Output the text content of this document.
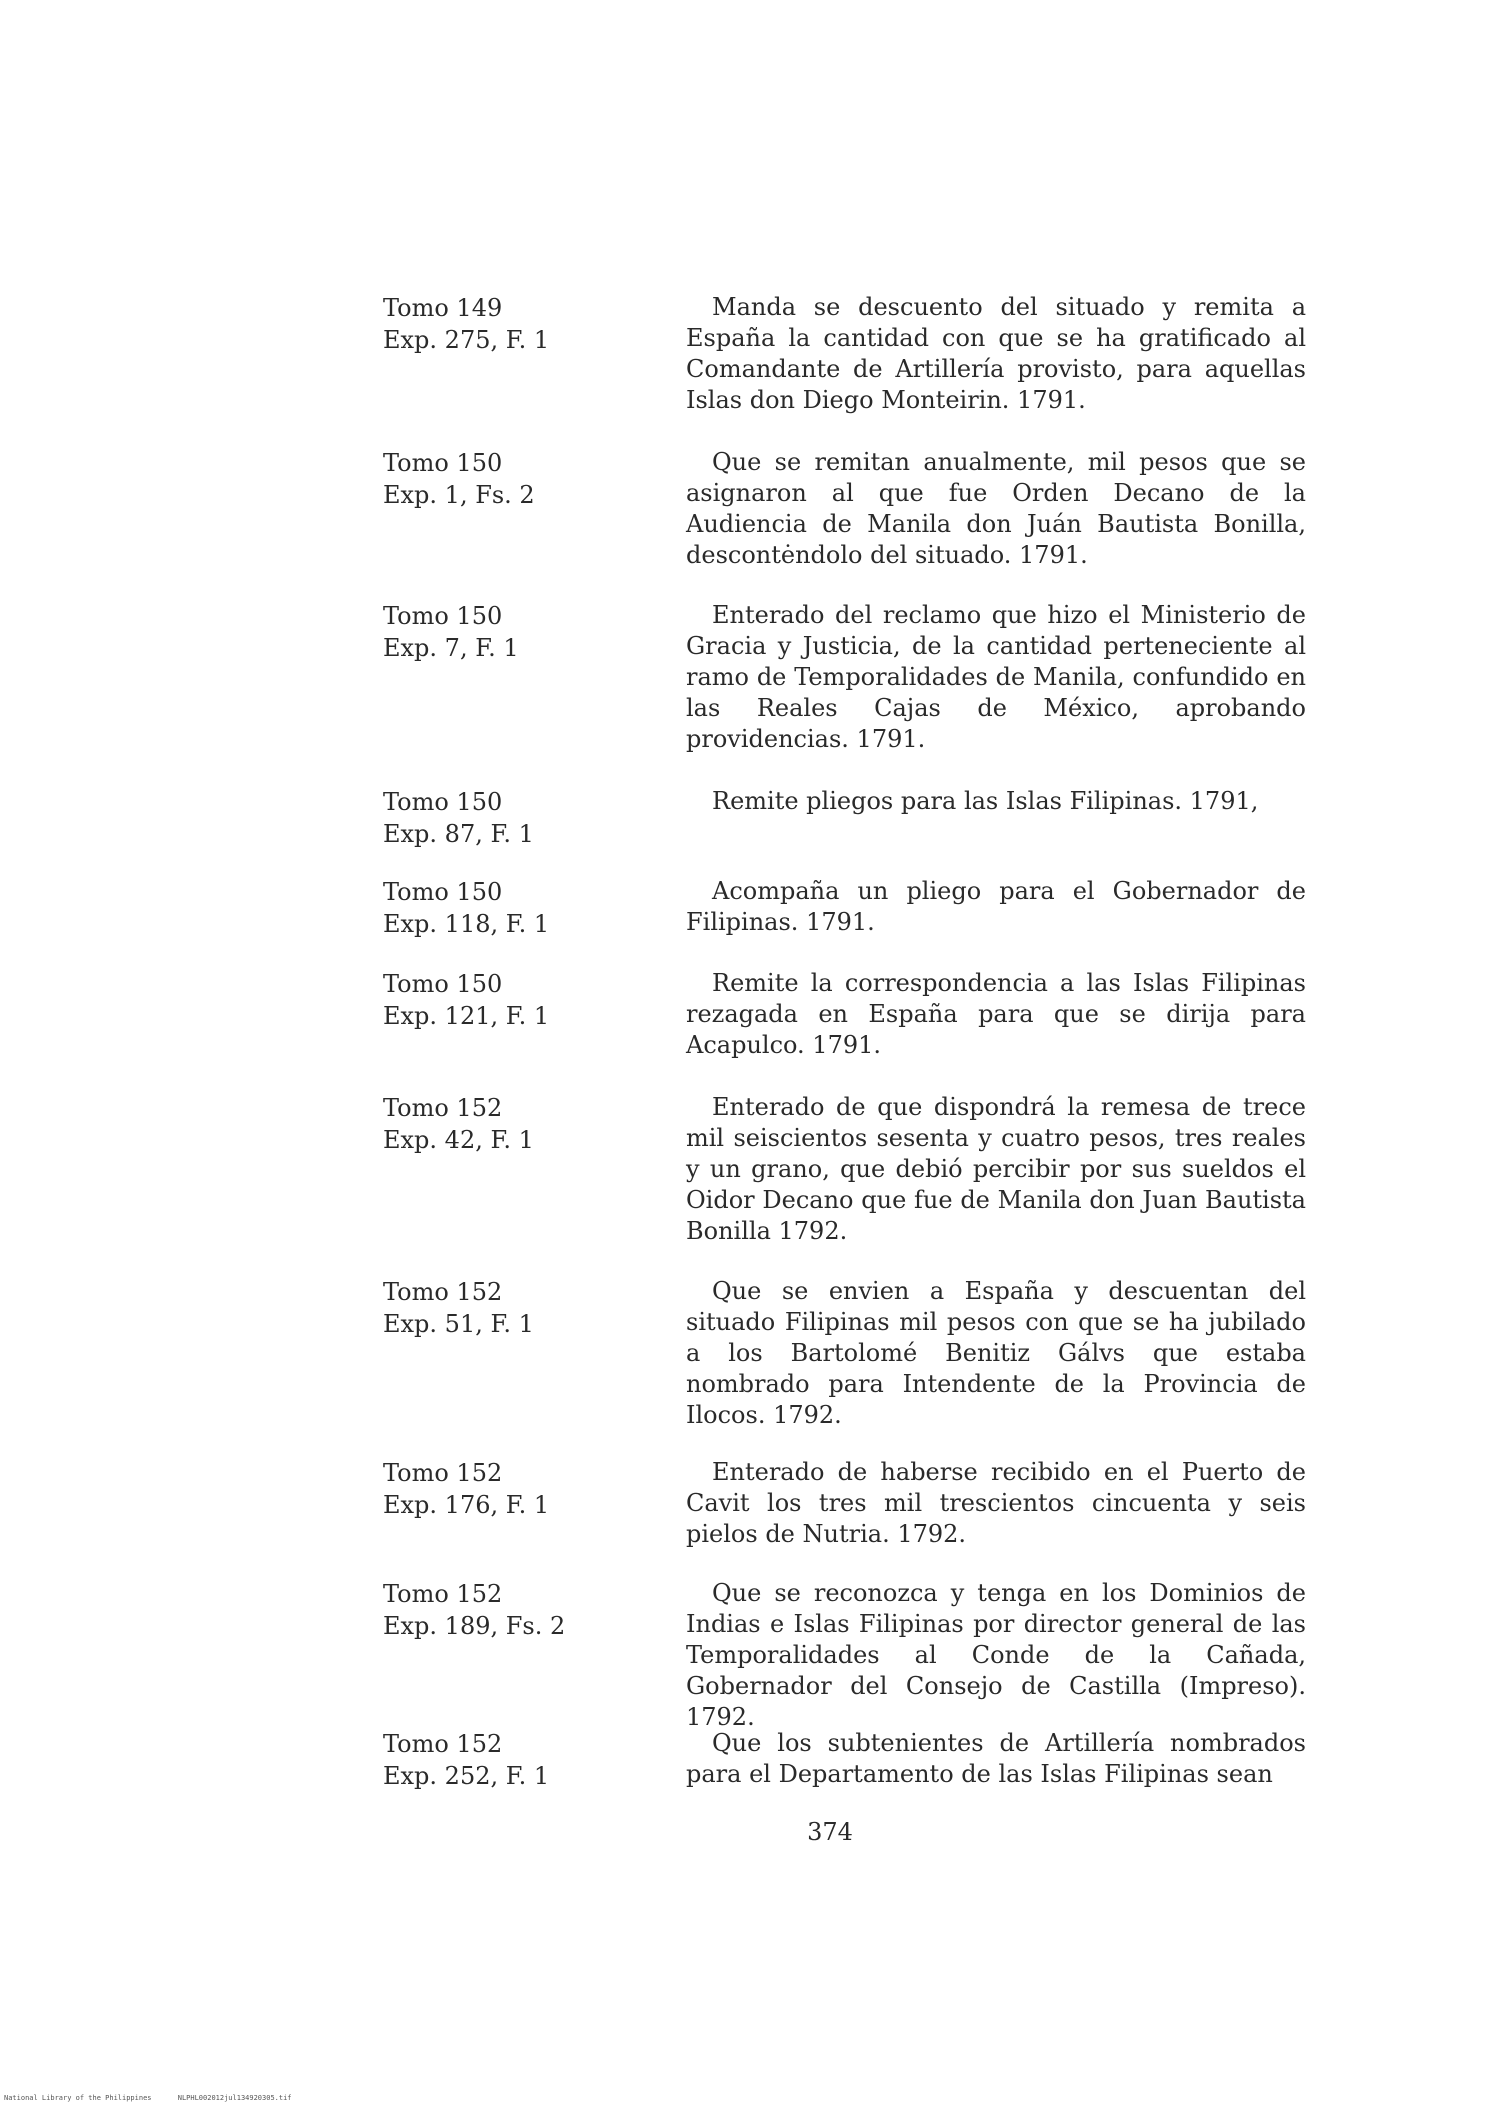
Tomo 149
Exp. 275, F. 1
Manda se descuento del situado y remita a España la cantidad con que se ha gratificado al Comandante de Artillería provisto, para aquellas Islas don Diego Monteirin. 1791.
Tomo 150
Exp. 1, Fs. 2
Que se remitan anualmente, mil pesos que se asignaron al que fue Orden Decano de la Audiencia de Manila don Juán Bautista Bonilla, descontėndolo del situado. 1791.
Tomo 150
Exp. 7, F. 1
Enterado del reclamo que hizo el Ministerio de Gracia y Justicia, de la cantidad perteneciente al ramo de Temporalidades de Manila, confundido en las Reales Cajas de México, aprobando providencias. 1791.
Tomo 150
Exp. 87, F. 1
Remite pliegos para las Islas Filipinas. 1791,
Tomo 150
Exp. 118, F. 1
Acompaña un pliego para el Gobernador de Filipinas. 1791.
Tomo 150
Exp. 121, F. 1
Remite la correspondencia a las Islas Filipinas rezagada en España para que se dirija para Acapulco. 1791.
Tomo 152
Exp. 42, F. 1
Enterado de que dispondrá la remesa de trece mil seiscientos sesenta y cuatro pesos, tres reales y un grano, que debió percibir por sus sueldos el Oidor Decano que fue de Manila don Juan Bautista Bonilla 1792.
Tomo 152
Exp. 51, F. 1
Que se envien a España y descuentan del situado Filipinas mil pesos con que se ha jubilado a los Bartolomé Benitiz Gálvs que estaba nombrado para Intendente de la Provincia de Ilocos. 1792.
Tomo 152
Exp. 176, F. 1
Enterado de haberse recibido en el Puerto de Cavit los tres mil trescientos cincuenta y seis pielos de Nutria. 1792.
Tomo 152
Exp. 189, Fs. 2
Que se reconozca y tenga en los Dominios de Indias e Islas Filipinas por director general de las Temporalidades al Conde de la Cañada, Gobernador del Consejo de Castilla (Impreso). 1792.
Tomo 152
Exp. 252, F. 1
Que los subtenientes de Artillería nombrados para el Departamento de las Islas Filipinas sean
374
National Library of the Philippines	NLPHL002012jul134920305.tif
